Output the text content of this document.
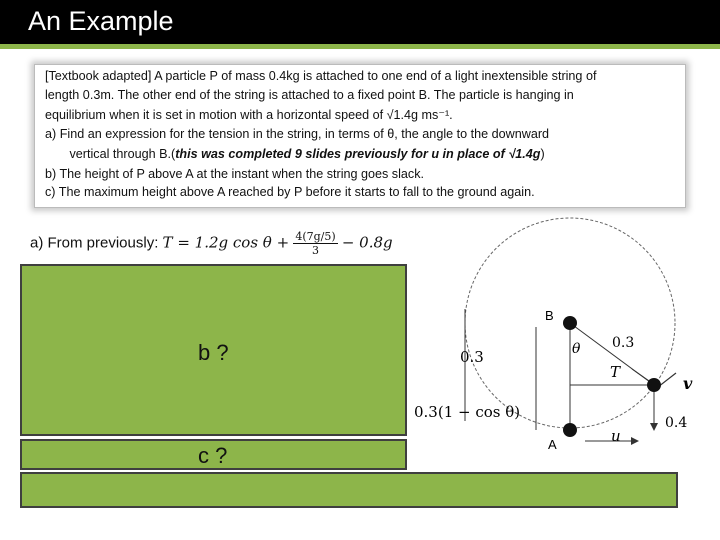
An Example
[Textbook adapted] A particle P of mass 0.4kg is attached to one end of a light inextensible string of
length 0.3m. The other end of the string is attached to a fixed point B. The particle is hanging in
equilibrium when it is set in motion with a horizontal speed of √1.4g ms⁻¹.
a) Find an expression for the tension in the string, in terms of θ, the angle to the downward
vertical through B.(this was completed 9 slides previously for u in place of √1.4g)
b) The height of P above A at the instant when the string goes slack.
c) The maximum height above A reached by P before it starts to fall to the ground again.
a) From previously: T = 1.2g $\cos \theta + \frac{4(7g/5)}{3} - 0.8g$
b ?
c ?
B
A
θ 0.3
0.3
T
v
0.3(1 − cos θ)
0.4
u
